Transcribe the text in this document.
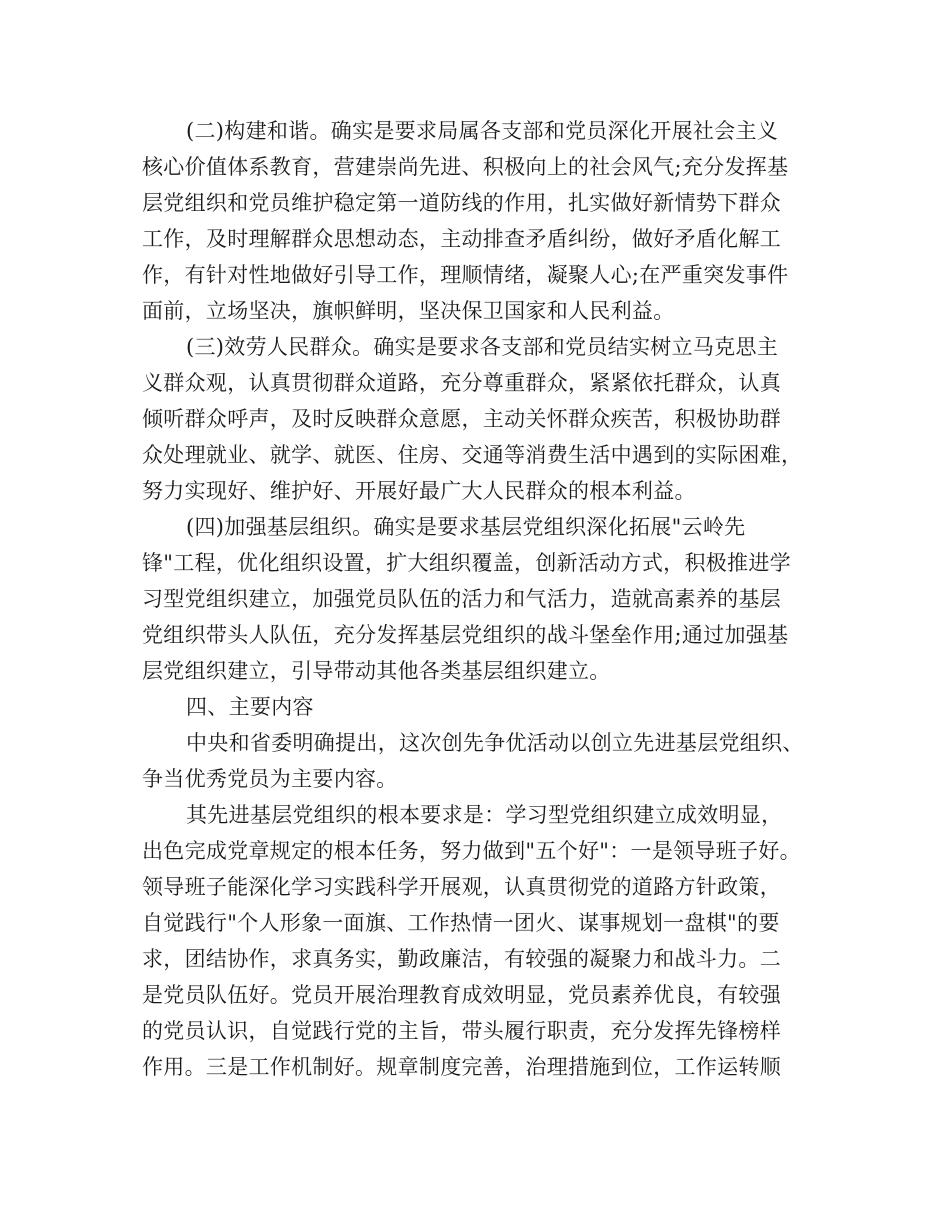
(二)构建和谐。确实是要求局属各支部和党员深化开展社会主义
核心价值体系教育，营建崇尚先进、积极向上的社会风气;充分发挥基
层党组织和党员维护稳定第一道防线的作用，扎实做好新情势下群众
工作，及时理解群众思想动态，主动排查矛盾纠纷，做好矛盾化解工
作，有针对性地做好引导工作，理顺情绪，凝聚人心;在严重突发事件
面前，立场坚决，旗帜鲜明，坚决保卫国家和人民利益。
(三)效劳人民群众。确实是要求各支部和党员结实树立马克思主
义群众观，认真贯彻群众道路，充分尊重群众，紧紧依托群众，认真
倾听群众呼声，及时反映群众意愿，主动关怀群众疾苦，积极协助群
众处理就业、就学、就医、住房、交通等消费生活中遇到的实际困难，
努力实现好、维护好、开展好最广大人民群众的根本利益。
(四)加强基层组织。确实是要求基层党组织深化拓展"云岭先
锋"工程，优化组织设置，扩大组织覆盖，创新活动方式，积极推进学
习型党组织建立，加强党员队伍的活力和气活力，造就高素养的基层
党组织带头人队伍，充分发挥基层党组织的战斗堡垒作用;通过加强基
层党组织建立，引导带动其他各类基层组织建立。
四、主要内容
中央和省委明确提出，这次创先争优活动以创立先进基层党组织、
争当优秀党员为主要内容。
其先进基层党组织的根本要求是：学习型党组织建立成效明显，
出色完成党章规定的根本任务，努力做到"五个好"：一是领导班子好。
领导班子能深化学习实践科学开展观，认真贯彻党的道路方针政策，
自觉践行"个人形象一面旗、工作热情一团火、谋事规划一盘棋"的要
求，团结协作，求真务实，勤政廉洁，有较强的凝聚力和战斗力。二
是党员队伍好。党员开展治理教育成效明显，党员素养优良，有较强
的党员认识，自觉践行党的主旨，带头履行职责，充分发挥先锋榜样
作用。三是工作机制好。规章制度完善，治理措施到位，工作运转顺
